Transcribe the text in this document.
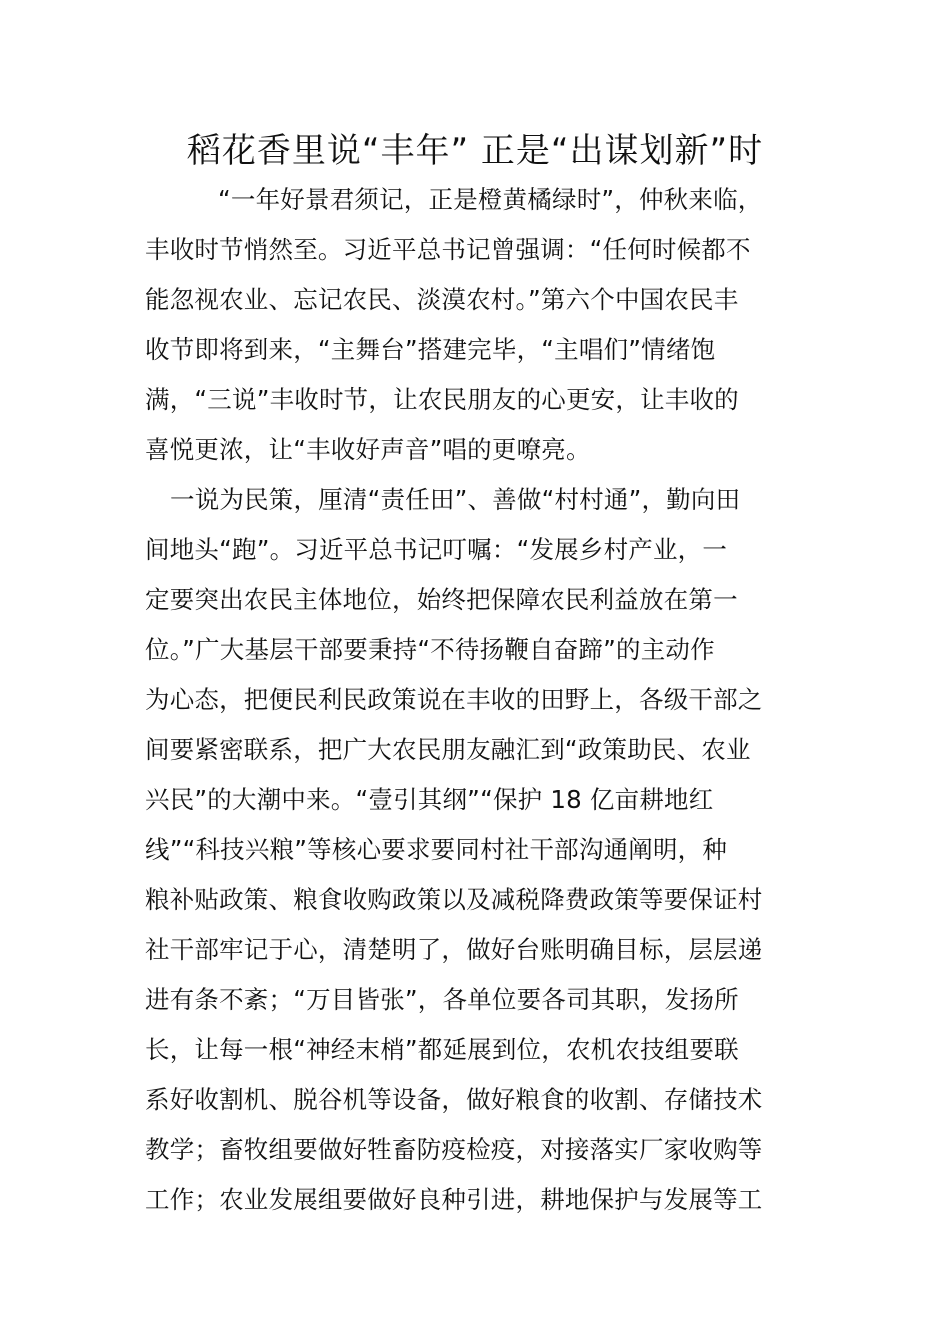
稻花香里说“丰年” 正是“出谋划新”时
“一年好景君须记，正是橙黄橘绿时”，仲秋来临，
丰收时节悄然至。习近平总书记曾强调：“任何时候都不
能忽视农业、忘记农民、淡漠农村。”第六个中国农民丰
收节即将到来，“主舞台”搭建完毕，“主唱们”情绪饱
满，“三说”丰收时节，让农民朋友的心更安，让丰收的
喜悦更浓，让“丰收好声音”唱的更嘹亮。
一说为民策，厘清“责任田”、善做“村村通”，勤向田
间地头“跑”。习近平总书记叮嘱：“发展乡村产业，一
定要突出农民主体地位，始终把保障农民利益放在第一
位。”广大基层干部要秉持“不待扬鞭自奋蹄”的主动作
为心态，把便民利民政策说在丰收的田野上，各级干部之
间要紧密联系，把广大农民朋友融汇到“政策助民、农业
兴民”的大潮中来。“壹引其纲”“保护 18 亿亩耕地红
线”“科技兴粮”等核心要求要同村社干部沟通阐明，种
粮补贴政策、粮食收购政策以及减税降费政策等要保证村
社干部牢记于心，清楚明了，做好台账明确目标，层层递
进有条不紊；“万目皆张”，各单位要各司其职，发扬所
长，让每一根“神经末梢”都延展到位，农机农技组要联
系好收割机、脱谷机等设备，做好粮食的收割、存储技术
教学；畜牧组要做好牲畜防疫检疫，对接落实厂家收购等
工作；农业发展组要做好良种引进，耕地保护与发展等工
